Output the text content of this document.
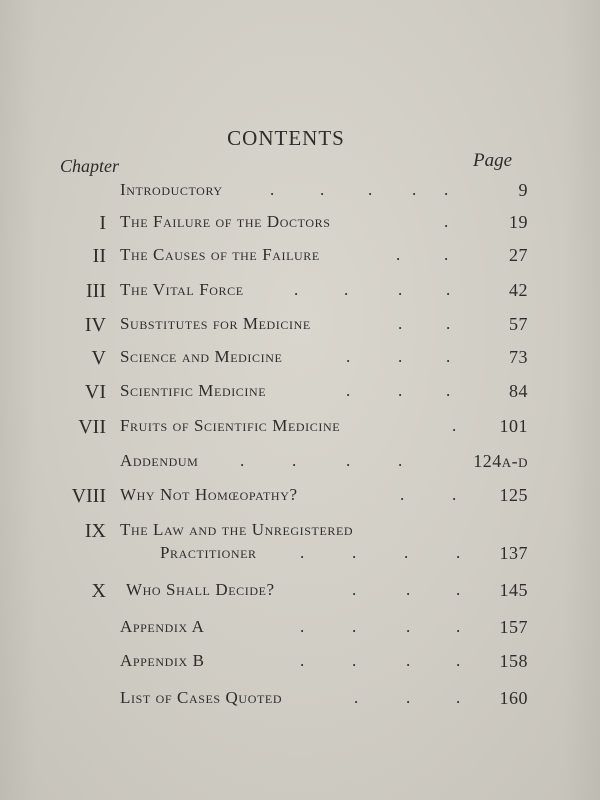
CONTENTS
Chapter	Page
Introductory	.	.	. . .	9
I The Failure of the Doctors	.	19
II The Causes of the Failure	.	.	27
III The Vital Force	.	.	.	.	42
IV Substitutes for Medicine	.	.	57
V Science and Medicine	.	.	.	73
VI Scientific Medicine	.	.	.	84
VII Fruits of Scientific Medicine	. 101
Addendum .	.	.	.	124a-d
VIII Why Not Homœopathy?	.	. 125
IX The Law and the Unregistered
Practitioner	.	.	.	. 137
X Who Shall Decide?	.	.	. 145
Appendix A	.	.	.	. 157
Appendix B	.	.	.	. 158
List of Cases Quoted	.	.	. 160
